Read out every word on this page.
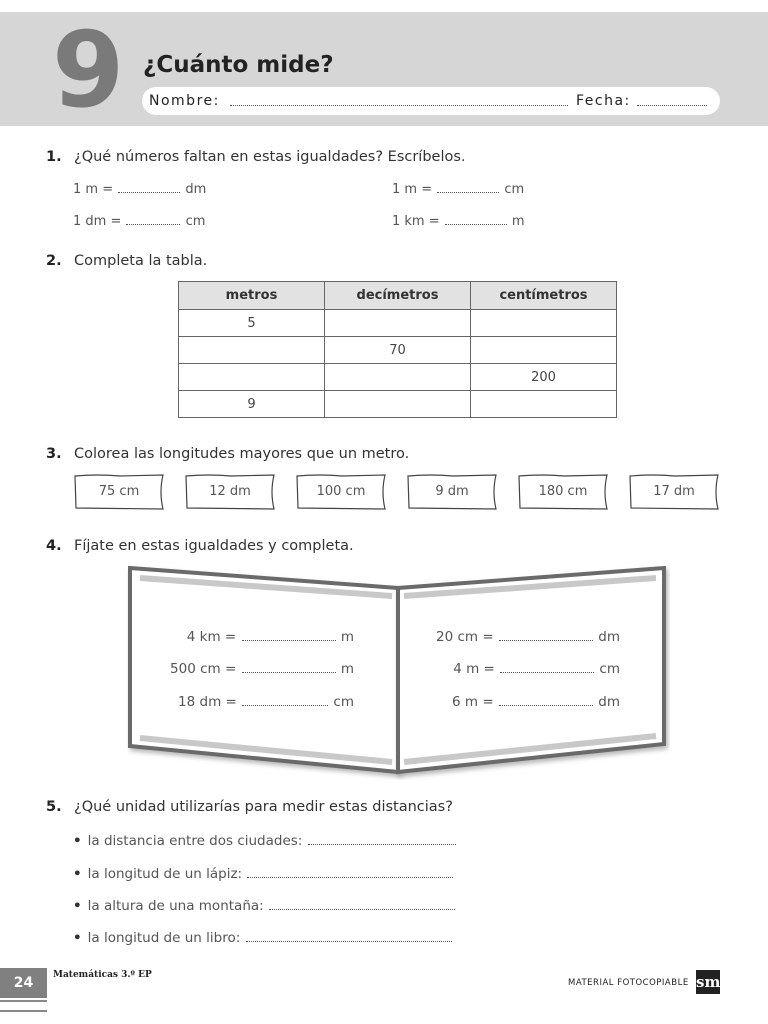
9 ¿Cuánto mide?
Nombre:	Fecha:
1. ¿Qué números faltan en estas igualdades? Escríbelos.
1 m =	dm	1 m =	cm
1 dm =	cm	1 km =	m
2. Completa la tabla.
metros	decímetros	centímetros
5		
	70	
		200
9		
3. Colorea las longitudes mayores que un metro.
75 cm	12 dm	100 cm	9 dm	180 cm	17 dm
4. Fíjate en estas igualdades y completa.
4 km =	m
500 cm =	m
18 dm =	cm
20 cm =	dm
4 m =	cm
6 m =	dm
5. ¿Qué unidad utilizarías para medir estas distancias?
• la distancia entre dos ciudades:
• la longitud de un lápiz:
• la altura de una montaña:
• la longitud de un libro:
24	Matemáticas 3.º EP
MATERIAL FOTOCOPIABLE sm
